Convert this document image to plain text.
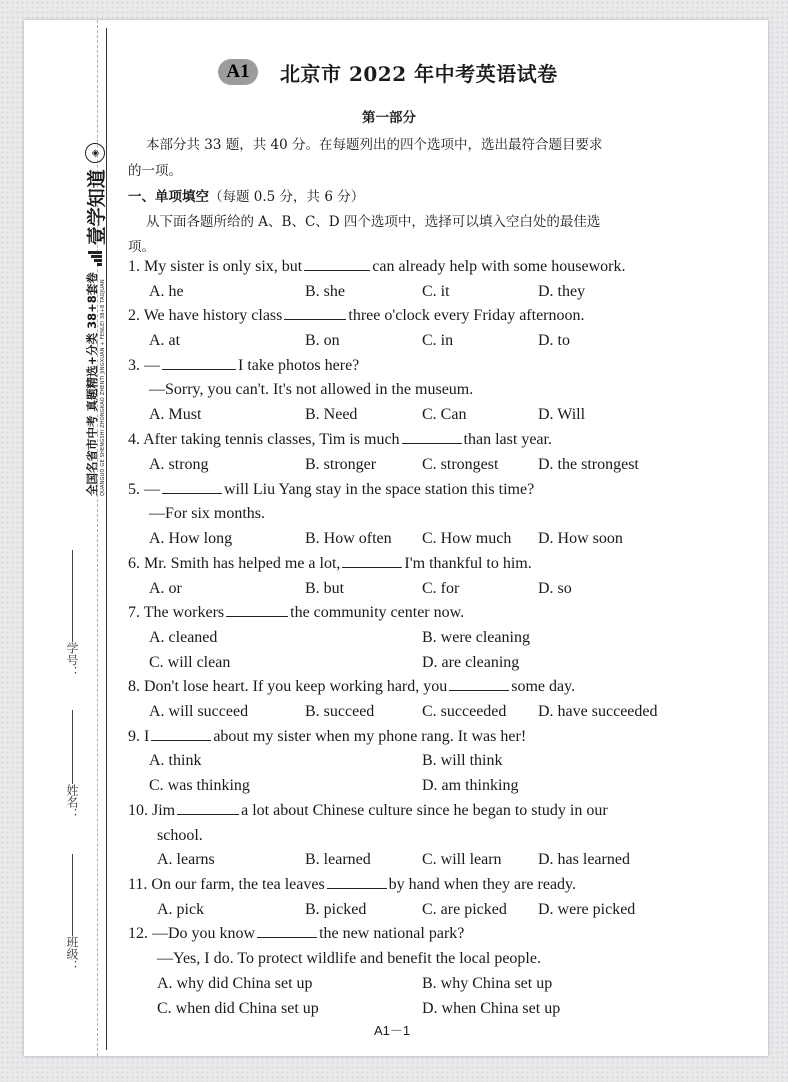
全国名省市中考 真题精选+分类 38+8套卷 QUANGUO GE SHENGSHI ZHONGKAO ZHENTI JINGXUAN + FENLEI 38+8 TAOJUAN
壹学知道
◈
学号：
姓名：
班级：
A1	北京市 2022 年中考英语试卷
第一部分
本部分共 33 题，共 40 分。在每题列出的四个选项中，选出最符合题目要求
的一项。
一、单项填空（每题 0.5 分，共 6 分）
从下面各题所给的 A、B、C、D 四个选项中，选择可以填入空白处的最佳选
项。
1. My sister is only six, but	can already help with some housework.
A. he	B. she	C. it	D. they
2. We have history class	three o'clock every Friday afternoon.
A. at	B. on	C. in	D. to
3. —	I take photos here?
—Sorry, you can't. It's not allowed in the museum.
A. Must	B. Need	C. Can	D. Will
4. After taking tennis classes, Tim is much	than last year.
A. strong	B. stronger	C. strongest D. the strongest
5. —	will Liu Yang stay in the space station this time?
—For six months.
A. How long	B. How often C. How much D. How soon
6. Mr. Smith has helped me a lot,	I'm thankful to him.
A. or	B. but	C. for	D. so
7. The workers	the community center now.
A. cleaned	B. were cleaning
C. will clean	D. are cleaning
8. Don't lose heart. If you keep working hard, you	some day.
A. will succeed	B. succeed	C. succeeded D. have succeeded
9. I	about my sister when my phone rang. It was her!
A. think	B. will think
C. was thinking	D. am thinking
10. Jim	a lot about Chinese culture since he began to study in our
school.
A. learns	B. learned	C. will learn D. has learned
11. On our farm, the tea leaves	by hand when they are ready.
A. pick	B. picked	C. are picked D. were picked
12. —Do you know	the new national park?
—Yes, I do. To protect wildlife and benefit the local people.
A. why did China set up	B. why China set up
C. when did China set up	D. when China set up
A1－1
